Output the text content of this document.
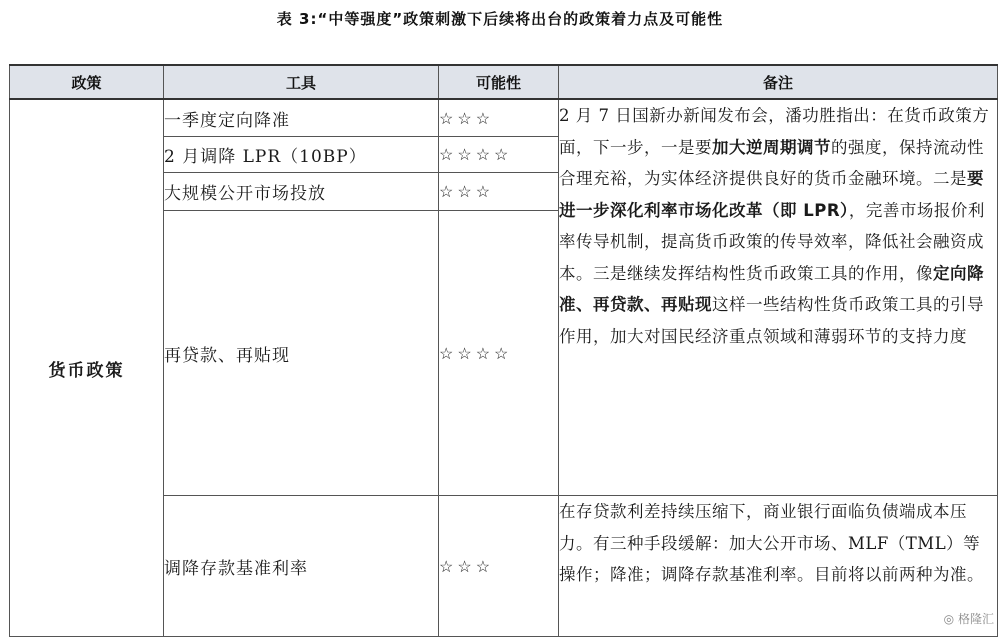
表 3:“中等强度”政策刺激下后续将出台的政策着力点及可能性
政策	工具	可能性	备注
货币政策	一季度定向降准	☆☆☆	2 月 7 日国新办新闻发布会，潘功胜指出：在货币政策方面，下一步，一是要加大逆周期调节的强度，保持流动性合理充裕，为实体经济提供良好的货币金融环境。二是要进一步深化利率市场化改革（即 LPR），完善市场报价利率传导机制，提高货币政策的传导效率，降低社会融资成本。三是继续发挥结构性货币政策工具的作用，像定向降准、再贷款、再贴现这样一些结构性货币政策工具的引导作用，加大对国民经济重点领域和薄弱环节的支持力度
	2 月调降 LPR（10BP）	☆☆☆☆	
	大规模公开市场投放	☆☆☆	
	再贷款、再贴现	☆☆☆☆	
	调降存款基准利率	☆☆☆	在存贷款利差持续压缩下，商业银行面临负债端成本压力。有三种手段缓解：加大公开市场、MLF（TML）等操作；降准；调降存款基准利率。目前将以前两种为准。
◎ 格隆汇
